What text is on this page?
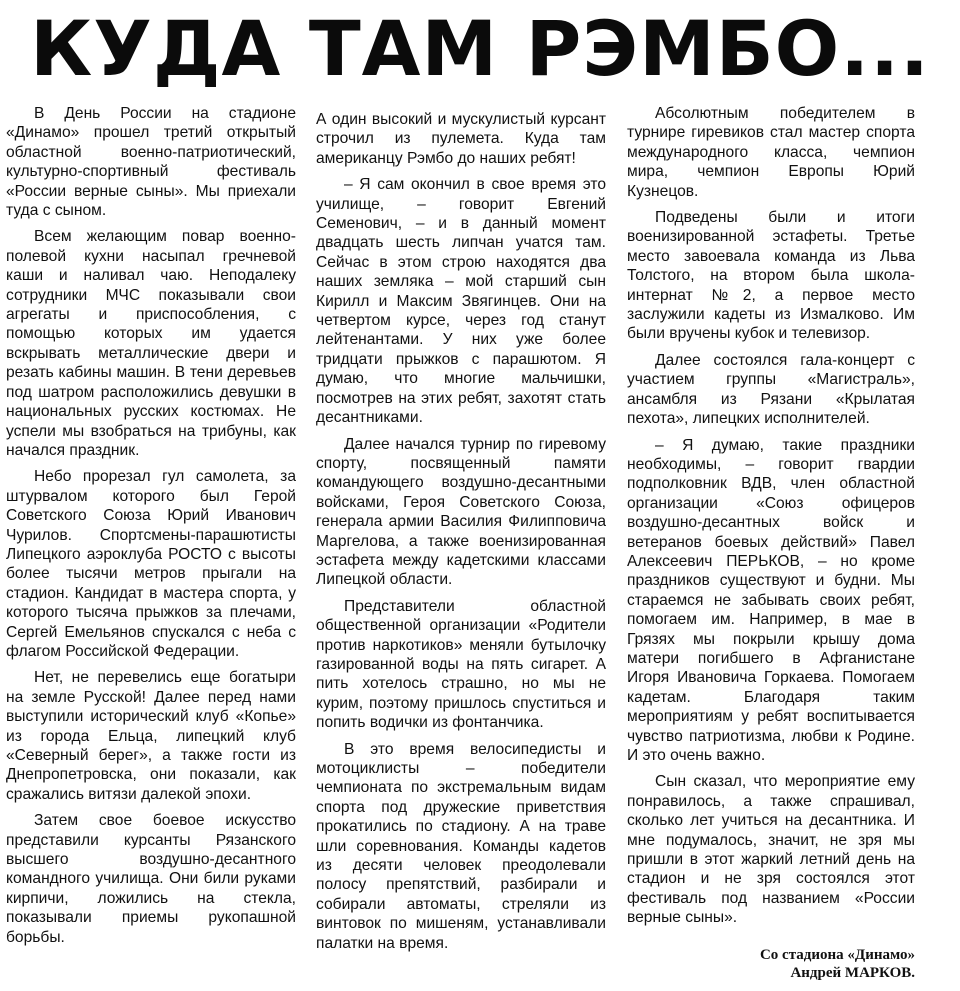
КУДА ТАМ РЭМБО...

В День России на стадионе «Динамо» прошел третий открытый областной военно-патриотический, культурно-спортивный фестиваль «России верные сыны». Мы приехали туда с сыном.

Всем желающим повар военно-полевой кухни насыпал гречневой каши и наливал чаю. Неподалеку сотрудники МЧС показывали свои агрегаты и приспособления, с помощью которых им удается вскрывать металлические двери и резать кабины машин. В тени деревьев под шатром расположились девушки в национальных русских костюмах. Не успели мы взобраться на трибуны, как начался праздник.

Небо прорезал гул самолета, за штурвалом которого был Герой Советского Союза Юрий Иванович Чурилов. Спортсмены-парашютисты Липецкого аэроклуба РОСТО с высоты более тысячи метров прыгали на стадион. Кандидат в мастера спорта, у которого тысяча прыжков за плечами, Сергей Емельянов спускался с неба с флагом Российской Федерации.

Нет, не перевелись еще богатыри на земле Русской! Далее перед нами выступили исторический клуб «Копье» из города Ельца, липецкий клуб «Северный берег», а также гости из Днепропетровска, они показали, как сражались витязи далекой эпохи.

Затем свое боевое искусство представили курсанты Рязанского высшего воздушно-десантного командного училища. Они били руками кирпичи, ложились на стекла, показывали приемы рукопашной борьбы.

А один высокий и мускулистый курсант строчил из пулемета. Куда там американцу Рэмбо до наших ребят!

– Я сам окончил в свое время это училище, – говорит Евгений Семенович, – и в данный момент двадцать шесть липчан учатся там. Сейчас в этом строю находятся два наших земляка – мой старший сын Кирилл и Максим Звягинцев. Они на четвертом курсе, через год станут лейтенантами. У них уже более тридцати прыжков с парашютом. Я думаю, что многие мальчишки, посмотрев на этих ребят, захотят стать десантниками.

Далее начался турнир по гиревому спорту, посвященный памяти командующего воздушно-десантными войсками, Героя Советского Союза, генерала армии Василия Филипповича Маргелова, а также военизированная эстафета между кадетскими классами Липецкой области.

Представители областной общественной организации «Родители против наркотиков» меняли бутылочку газированной воды на пять сигарет. А пить хотелось страшно, но мы не курим, поэтому пришлось спуститься и попить водички из фонтанчика.

В это время велосипедисты и мотоциклисты – победители чемпионата по экстремальным видам спорта под дружеские приветствия прокатились по стадиону. А на траве шли соревнования. Команды кадетов из десяти человек преодолевали полосу препятствий, разбирали и собирали автоматы, стреляли из винтовок по мишеням, устанавливали палатки на время.

Абсолютным победителем в турнире гиревиков стал мастер спорта международного класса, чемпион мира, чемпион Европы Юрий Кузнецов.

Подведены были и итоги военизированной эстафеты. Третье место завоевала команда из Льва Толстого, на втором была школа-интернат №2, а первое место заслужили кадеты из Измалково. Им были вручены кубок и телевизор.

Далее состоялся гала-концерт с участием группы «Магистраль», ансамбля из Рязани «Крылатая пехота», липецких исполнителей.

– Я думаю, такие праздники необходимы, – говорит гвардии подполковник ВДВ, член областной организации «Союз офицеров воздушно-десантных войск и ветеранов боевых действий» Павел Алексеевич ПЕРЬКОВ, – но кроме праздников существуют и будни. Мы стараемся не забывать своих ребят, помогаем им. Например, в мае в Грязях мы покрыли крышу дома матери погибшего в Афганистане Игоря Ивановича Горкаева. Помогаем кадетам. Благодаря таким мероприятиям у ребят воспитывается чувство патриотизма, любви к Родине. И это очень важно.

Сын сказал, что мероприятие ему понравилось, а также спрашивал, сколько лет учиться на десантника. И мне подумалось, значит, не зря мы пришли в этот жаркий летний день на стадион и не зря состоялся этот фестиваль под названием «России верные сыны».

Со стадиона «Динамо»
Андрей МАРКОВ.
